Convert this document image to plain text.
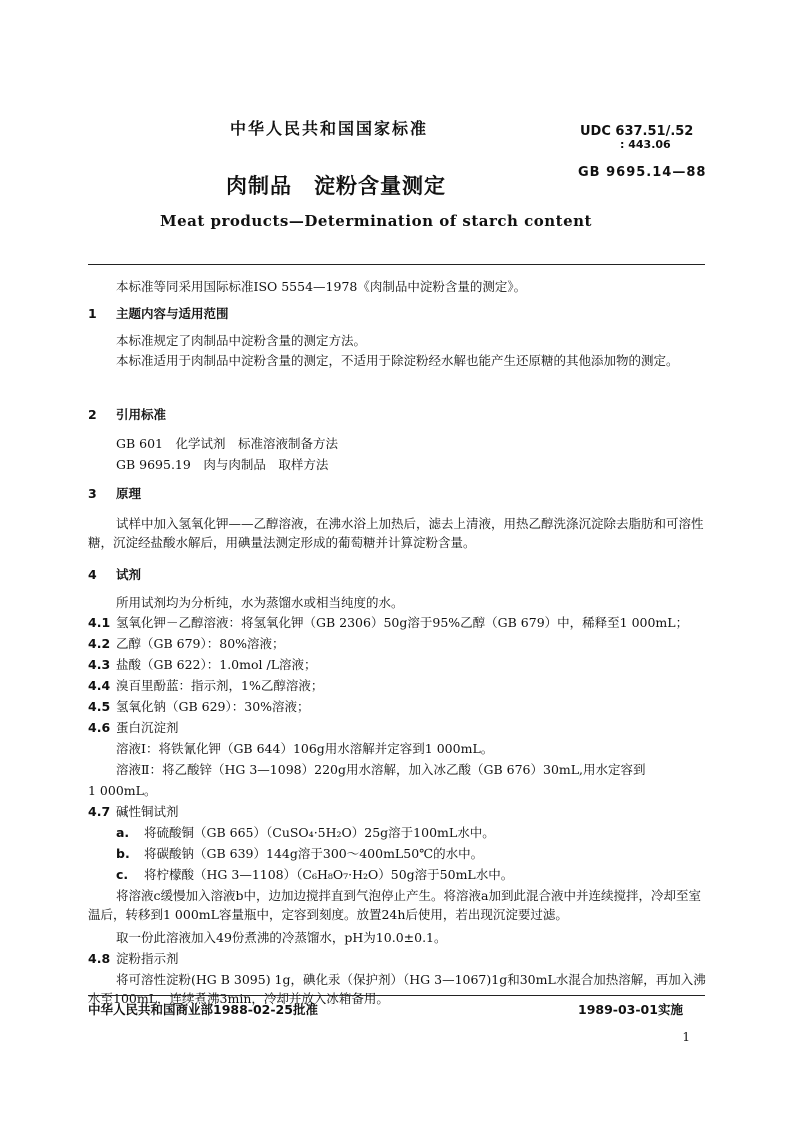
中华人民共和国国家标准	UDC 637.51/.52
: 443.06
肉制品　淀粉含量测定
GB 9695.14—88
Meat products—Determination of starch content
本标准等同采用国际标准ISO 5554—1978《肉制品中淀粉含量的测定》。
1 主题内容与适用范围
本标准规定了肉制品中淀粉含量的测定方法。
本标准适用于肉制品中淀粉含量的测定，不适用于除淀粉经水解也能产生还原糖的其他添加物的测定。
2 引用标准
GB 601　化学试剂　标准溶液制备方法
GB 9695.19　肉与肉制品　取样方法
3 原理
试样中加入氢氧化钾——乙醇溶液，在沸水浴上加热后，滤去上清液，用热乙醇洗涤沉淀除去脂肪和可溶性糖，沉淀经盐酸水解后，用碘量法测定形成的葡萄糖并计算淀粉含量。
4 试剂
所用试剂均为分析纯，水为蒸馏水或相当纯度的水。
4.1 氢氧化钾－乙醇溶液：将氢氧化钾（GB 2306）50g溶于95%乙醇（GB 679）中，稀释至1 000mL；
4.2 乙醇（GB 679）：80%溶液；
4.3 盐酸（GB 622）：1.0mol /L溶液；
4.4 溴百里酚蓝：指示剂，1%乙醇溶液；
4.5 氢氧化钠（GB 629）：30%溶液；
4.6 蛋白沉淀剂
溶液Ⅰ：将铁氰化钾（GB 644）106g用水溶解并定容到1 000mL。
溶液Ⅱ：将乙酸锌（HG 3—1098）220g用水溶解，加入冰乙酸（GB 676）30mL,用水定容到
1 000mL。
4.7 碱性铜试剂
a. 将硫酸铜（GB 665）（CuSO₄·5H₂O）25g溶于100mL水中。
b. 将碳酸钠（GB 639）144g溶于300～400mL50℃的水中。
c. 将柠檬酸（HG 3—1108）（C₆H₈O₇·H₂O）50g溶于50mL水中。
将溶液c缓慢加入溶液b中，边加边搅拌直到气泡停止产生。将溶液a加到此混合液中并连续搅拌，冷却至室温后，转移到1 000mL容量瓶中，定容到刻度。放置24h后使用，若出现沉淀要过滤。
取一份此溶液加入49份煮沸的冷蒸馏水，pH为10.0±0.1。
4.8 淀粉指示剂
将可溶性淀粉(HG B 3095) 1g，碘化汞（保护剂）（HG 3—1067)1g和30mL水混合加热溶解，再加入沸水至100mL，连续煮沸3min，冷却并放入冰箱备用。
中华人民共和国商业部1988-02-25批准	1989-03-01实施
1
